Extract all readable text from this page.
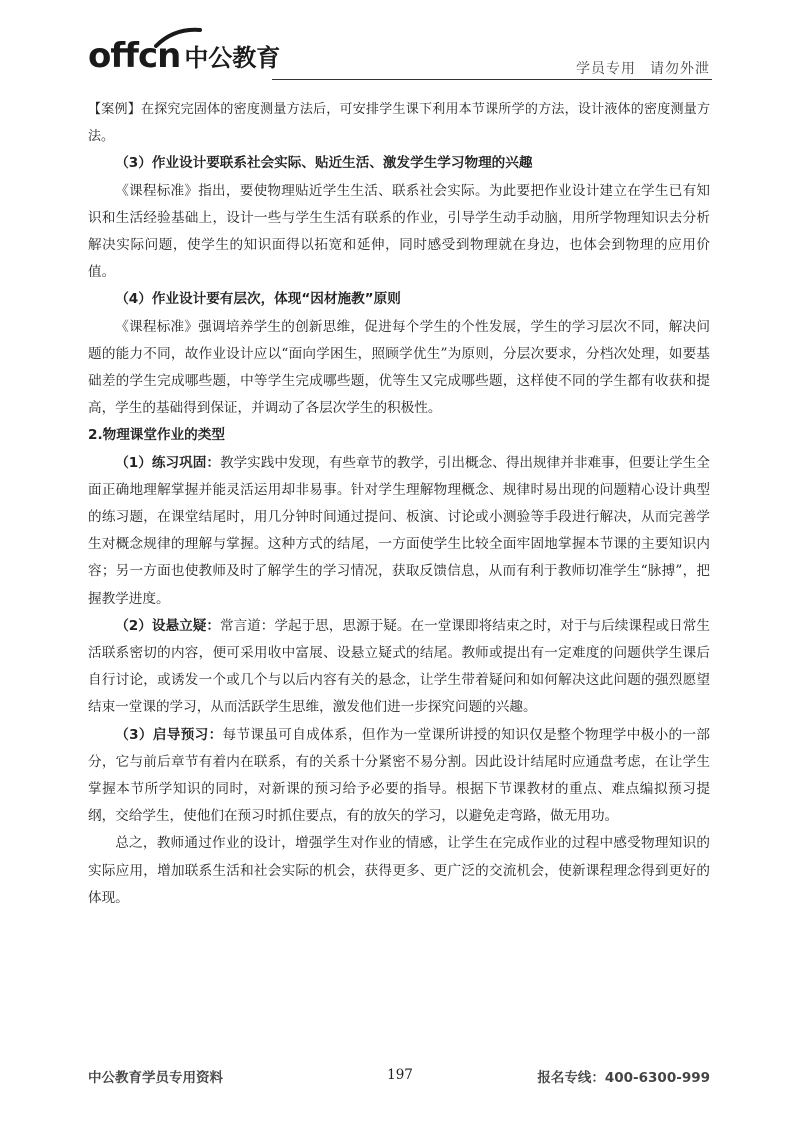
offcn 中公教育	学员专用 请勿外泄

【案例】在探究完固体的密度测量方法后，可安排学生课下利用本节课所学的方法，设计液体的密度测量方法。

（3）作业设计要联系社会实际、贴近生活、激发学生学习物理的兴趣

《课程标准》指出，要使物理贴近学生生活、联系社会实际。为此要把作业设计建立在学生已有知识和生活经验基础上，设计一些与学生生活有联系的作业，引导学生动手动脑，用所学物理知识去分析解决实际问题，使学生的知识面得以拓宽和延伸，同时感受到物理就在身边，也体会到物理的应用价值。

（4）作业设计要有层次，体现“因材施教”原则

《课程标准》强调培养学生的创新思维，促进每个学生的个性发展，学生的学习层次不同，解决问题的能力不同，故作业设计应以“面向学困生，照顾学优生”为原则，分层次要求，分档次处理，如要基础差的学生完成哪些题，中等学生完成哪些题，优等生又完成哪些题，这样使不同的学生都有收获和提高，学生的基础得到保证，并调动了各层次学生的积极性。

2.物理课堂作业的类型

（1）练习巩固：教学实践中发现，有些章节的教学，引出概念、得出规律并非难事，但要让学生全面正确地理解掌握并能灵活运用却非易事。针对学生理解物理概念、规律时易出现的问题精心设计典型的练习题，在课堂结尾时，用几分钟时间通过提问、板演、讨论或小测验等手段进行解决，从而完善学生对概念规律的理解与掌握。这种方式的结尾，一方面使学生比较全面牢固地掌握本节课的主要知识内容；另一方面也使教师及时了解学生的学习情况，获取反馈信息，从而有利于教师切准学生“脉搏”，把握教学进度。

（2）设悬立疑：常言道：学起于思，思源于疑。在一堂课即将结束之时，对于与后续课程或日常生活联系密切的内容，便可采用收中富展、设悬立疑式的结尾。教师或提出有一定难度的问题供学生课后自行讨论，或诱发一个或几个与以后内容有关的悬念，让学生带着疑问和如何解决这此问题的强烈愿望结束一堂课的学习，从而活跃学生思维，激发他们进一步探究问题的兴趣。

（3）启导预习：每节课虽可自成体系，但作为一堂课所讲授的知识仅是整个物理学中极小的一部分，它与前后章节有着内在联系，有的关系十分紧密不易分割。因此设计结尾时应通盘考虑，在让学生掌握本节所学知识的同时，对新课的预习给予必要的指导。根据下节课教材的重点、难点编拟预习提纲，交给学生，使他们在预习时抓住要点，有的放矢的学习，以避免走弯路，做无用功。

总之，教师通过作业的设计，增强学生对作业的情感，让学生在完成作业的过程中感受物理知识的实际应用，增加联系生活和社会实际的机会，获得更多、更广泛的交流机会，使新课程理念得到更好的体现。

中公教育学员专用资料	197	报名专线：400-6300-999
